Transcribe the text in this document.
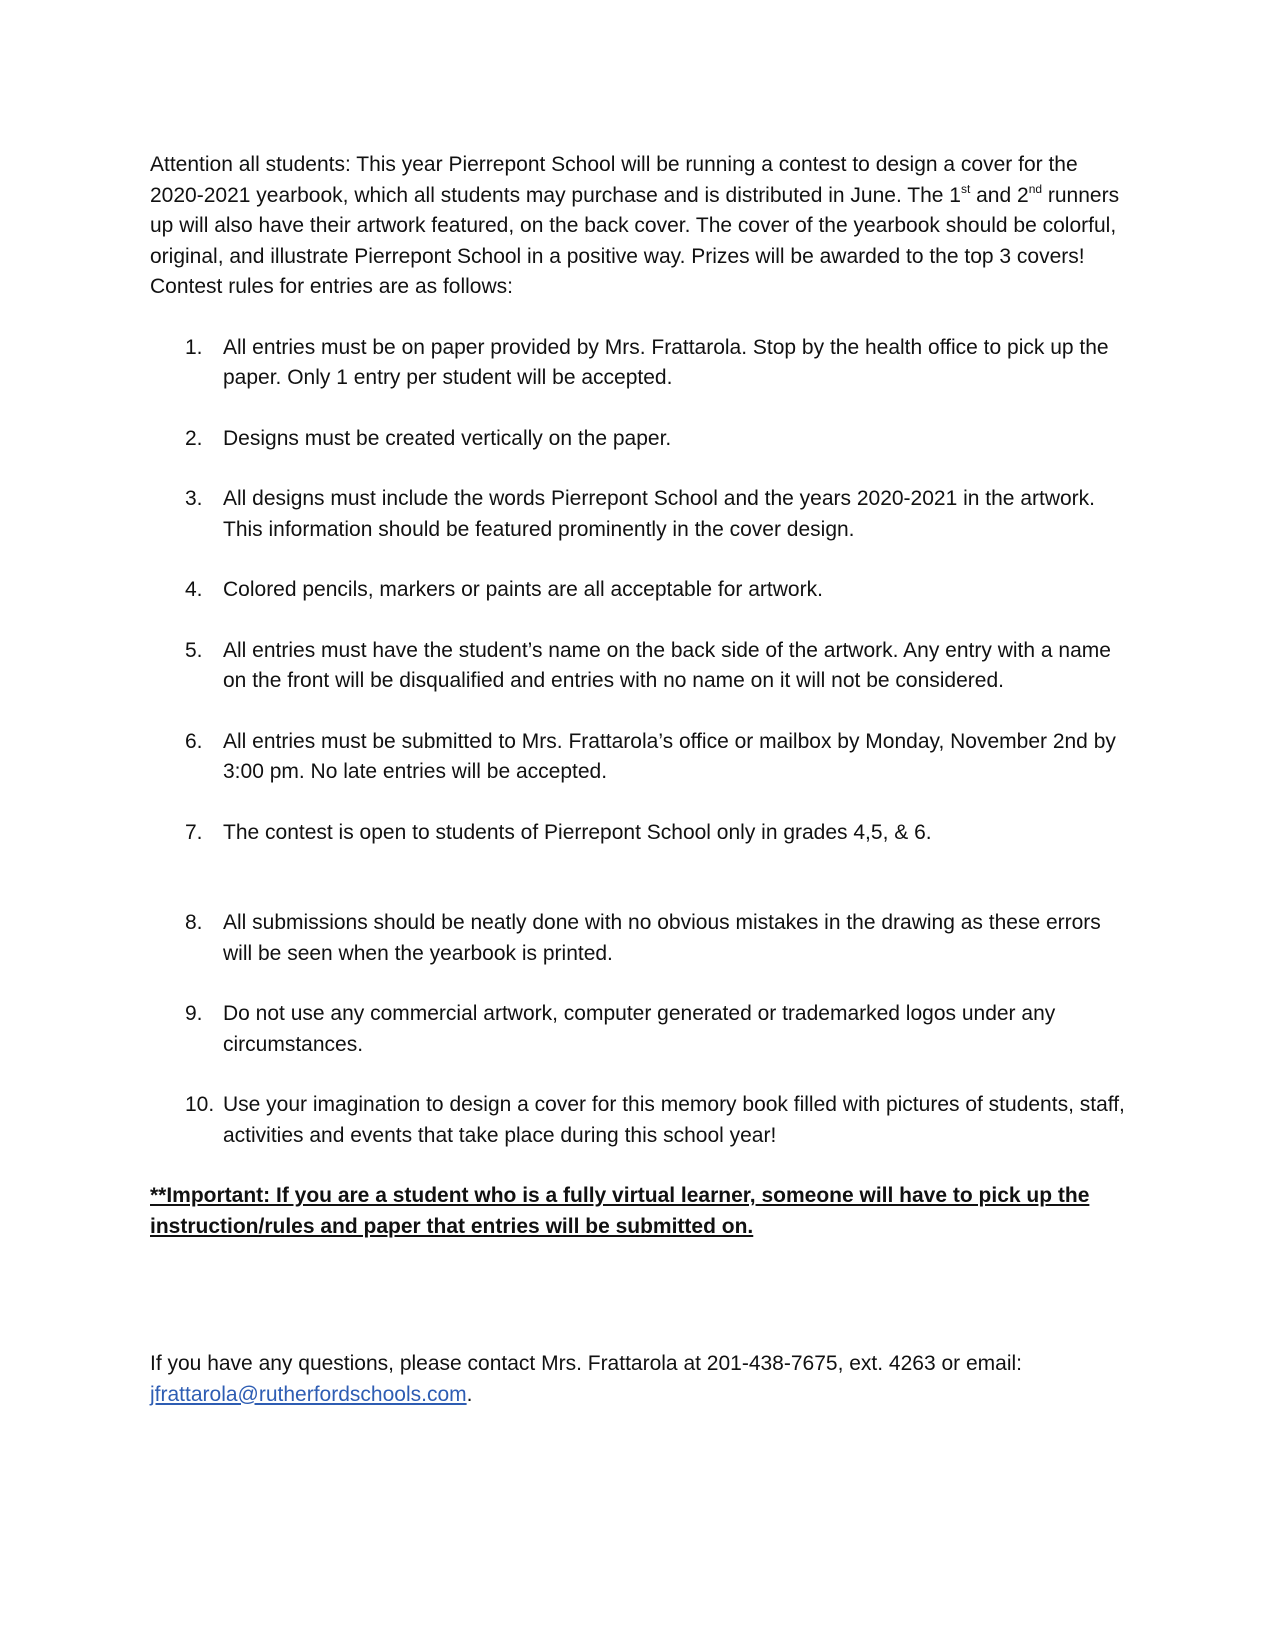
Attention all students: This year Pierrepont School will be running a contest to design a cover for the 2020-2021 yearbook, which all students may purchase and is distributed in June. The 1st and 2nd runners up will also have their artwork featured, on the back cover. The cover of the yearbook should be colorful, original, and illustrate Pierrepont School in a positive way. Prizes will be awarded to the top 3 covers! Contest rules for entries are as follows:

1. All entries must be on paper provided by Mrs. Frattarola. Stop by the health office to pick up the paper. Only 1 entry per student will be accepted.
2. Designs must be created vertically on the paper.
3. All designs must include the words Pierrepont School and the years 2020-2021 in the artwork. This information should be featured prominently in the cover design.
4. Colored pencils, markers or paints are all acceptable for artwork.
5. All entries must have the student’s name on the back side of the artwork. Any entry with a name on the front will be disqualified and entries with no name on it will not be considered.
6. All entries must be submitted to Mrs. Frattarola’s office or mailbox by Monday, November 2nd by 3:00 pm. No late entries will be accepted.
7. The contest is open to students of Pierrepont School only in grades 4,5, & 6.
8. All submissions should be neatly done with no obvious mistakes in the drawing as these errors will be seen when the yearbook is printed.
9. Do not use any commercial artwork, computer generated or trademarked logos under any circumstances.
10. Use your imagination to design a cover for this memory book filled with pictures of students, staff, activities and events that take place during this school year!

**Important: If you are a student who is a fully virtual learner, someone will have to pick up the instruction/rules and paper that entries will be submitted on.

If you have any questions, please contact Mrs. Frattarola at 201-438-7675, ext. 4263 or email: jfrattarola@rutherfordschools.com.
